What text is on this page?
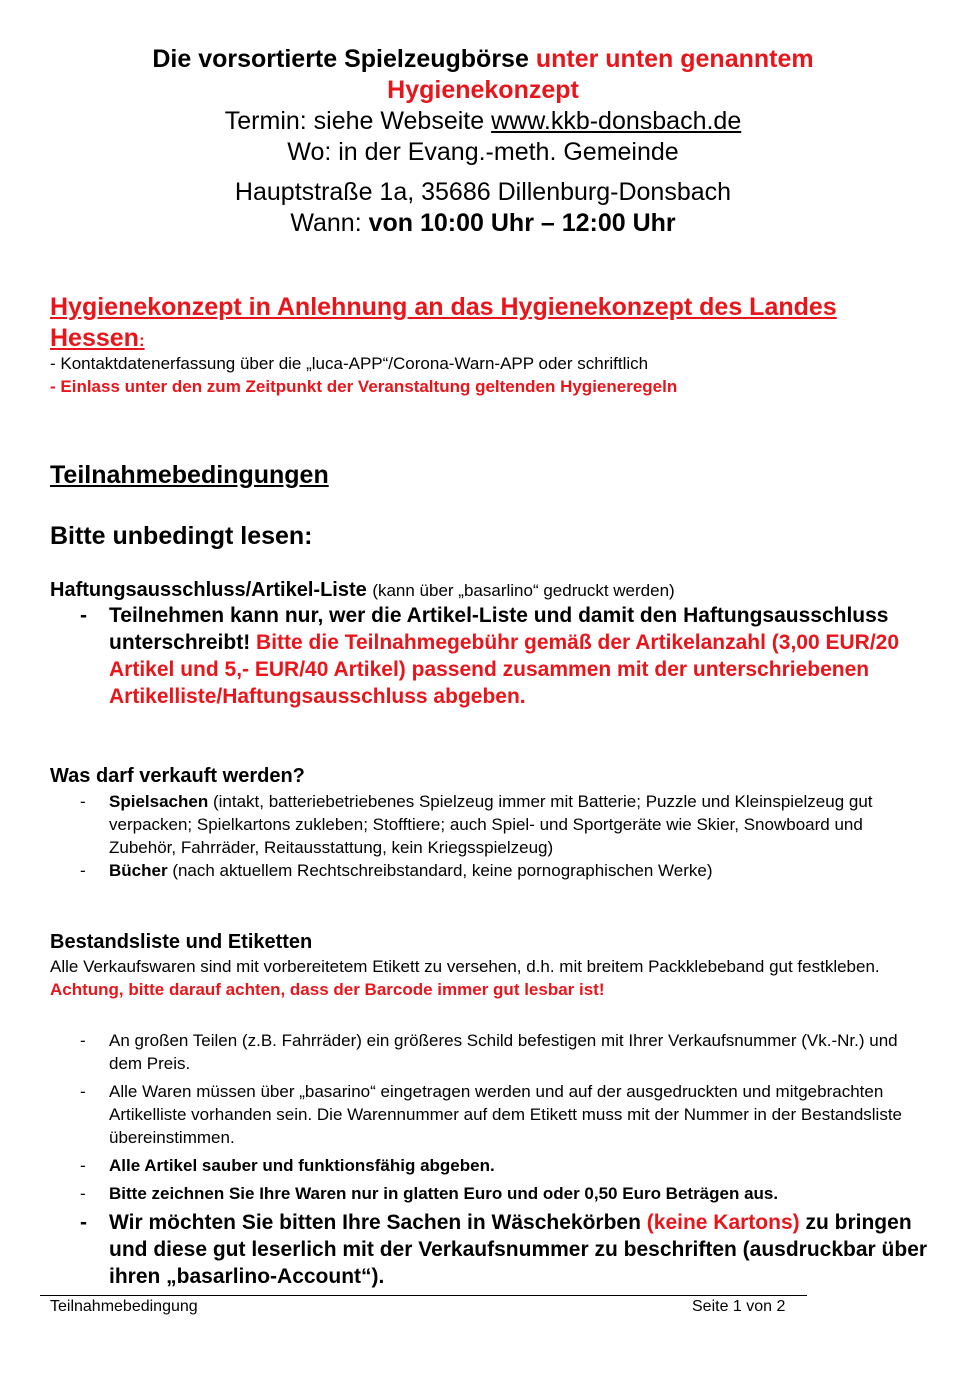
Die vorsortierte Spielzeugbörse unter unten genanntem
Hygienekonzept
Termin: siehe Webseite www.kkb-donsbach.de
Wo: in der Evang.-meth. Gemeinde
Hauptstraße 1a, 35686 Dillenburg-Donsbach
Wann: von 10:00 Uhr – 12:00 Uhr
Hygienekonzept in Anlehnung an das Hygienekonzept des Landes Hessen:
- Kontaktdatenerfassung über die „luca-APP“/Corona-Warn-APP oder schriftlich
- Einlass unter den zum Zeitpunkt der Veranstaltung geltenden Hygieneregeln
Teilnahmebedingungen
Bitte unbedingt lesen:
Haftungsausschluss/Artikel-Liste (kann über „basarlino“ gedruckt werden)
- Teilnehmen kann nur, wer die Artikel-Liste und damit den Haftungsausschluss unterschreibt! Bitte die Teilnahmegebühr gemäß der Artikelanzahl (3,00 EUR/20 Artikel und 5,- EUR/40 Artikel) passend zusammen mit der unterschriebenen Artikelliste/Haftungsausschluss abgeben.
Was darf verkauft werden?
- Spielsachen (intakt, batteriebetriebenes Spielzeug immer mit Batterie; Puzzle und Kleinspielzeug gut verpacken; Spielkartons zukleben; Stofftiere; auch Spiel- und Sportgeräte wie Skier, Snowboard und Zubehör, Fahrräder, Reitausstattung, kein Kriegsspielzeug)
- Bücher (nach aktuellem Rechtschreibstandard, keine pornographischen Werke)
Bestandsliste und Etiketten
Alle Verkaufswaren sind mit vorbereitetem Etikett zu versehen, d.h. mit breitem Packklebeband gut festkleben. Achtung, bitte darauf achten, dass der Barcode immer gut lesbar ist!
- An großen Teilen (z.B. Fahrräder) ein größeres Schild befestigen mit Ihrer Verkaufsnummer (Vk.-Nr.) und dem Preis.
- Alle Waren müssen über „basarino“ eingetragen werden und auf der ausgedruckten und mitgebrachten Artikelliste vorhanden sein. Die Warennummer auf dem Etikett muss mit der Nummer in der Bestandsliste übereinstimmen.
- Alle Artikel sauber und funktionsfähig abgeben.
- Bitte zeichnen Sie Ihre Waren nur in glatten Euro und oder 0,50 Euro Beträgen aus.
- Wir möchten Sie bitten Ihre Sachen in Wäschekörben (keine Kartons) zu bringen und diese gut leserlich mit der Verkaufsnummer zu beschriften (ausdruckbar über ihren „basarlino-Account“).
Teilnahmebedingung	Seite 1 von 2
